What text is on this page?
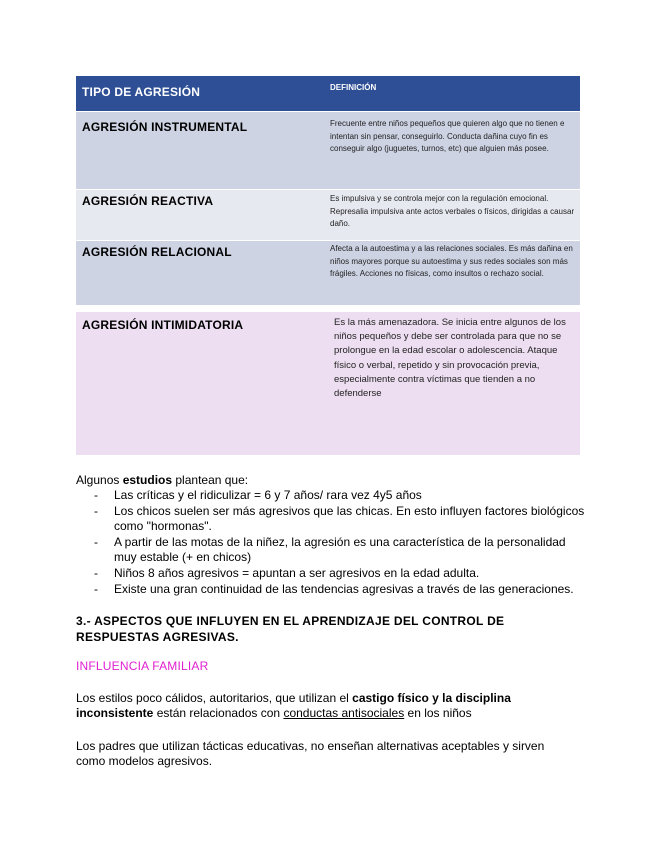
TIPO DE AGRESIÓN	DEFINICIÓN
AGRESIÓN INSTRUMENTAL	Frecuente entre niños pequeños que quieren algo que no tienen e intentan sin pensar, conseguirlo. Conducta dañina cuyo fin es conseguir algo (juguetes, turnos, etc) que alguien más posee.
AGRESIÓN REACTIVA	Es impulsiva y se controla mejor con la regulación emocional. Represalia impulsiva ante actos verbales o físicos, dirigidas a causar daño.
AGRESIÓN RELACIONAL	Afecta a la autoestima y a las relaciones sociales. Es más dañina en niños mayores porque su autoestima y sus redes sociales son más frágiles. Acciones no físicas, como insultos o rechazo social.
AGRESIÓN INTIMIDATORIA	Es la más amenazadora. Se inicia entre algunos de los niños pequeños y debe ser controlada para que no se prolongue en la edad escolar o adolescencia. Ataque físico o verbal, repetido y sin provocación previa, especialmente contra víctimas que tienden a no defenderse
Algunos estudios plantean que:
- Las críticas y el ridiculizar = 6 y 7 años/ rara vez 4y5 años
- Los chicos suelen ser más agresivos que las chicas. En esto influyen factores biológicos como "hormonas".
- A partir de las motas de la niñez, la agresión es una característica de la personalidad muy estable (+ en chicos)
- Niños 8 años agresivos = apuntan a ser agresivos en la edad adulta.
- Existe una gran continuidad de las tendencias agresivas a través de las generaciones.
3.- ASPECTOS QUE INFLUYEN EN EL APRENDIZAJE DEL CONTROL DE RESPUESTAS AGRESIVAS.
INFLUENCIA FAMILIAR
Los estilos poco cálidos, autoritarios, que utilizan el castigo físico y la disciplina inconsistente están relacionados con conductas antisociales en los niños
Los padres que utilizan tácticas educativas, no enseñan alternativas aceptables y sirven como modelos agresivos.
